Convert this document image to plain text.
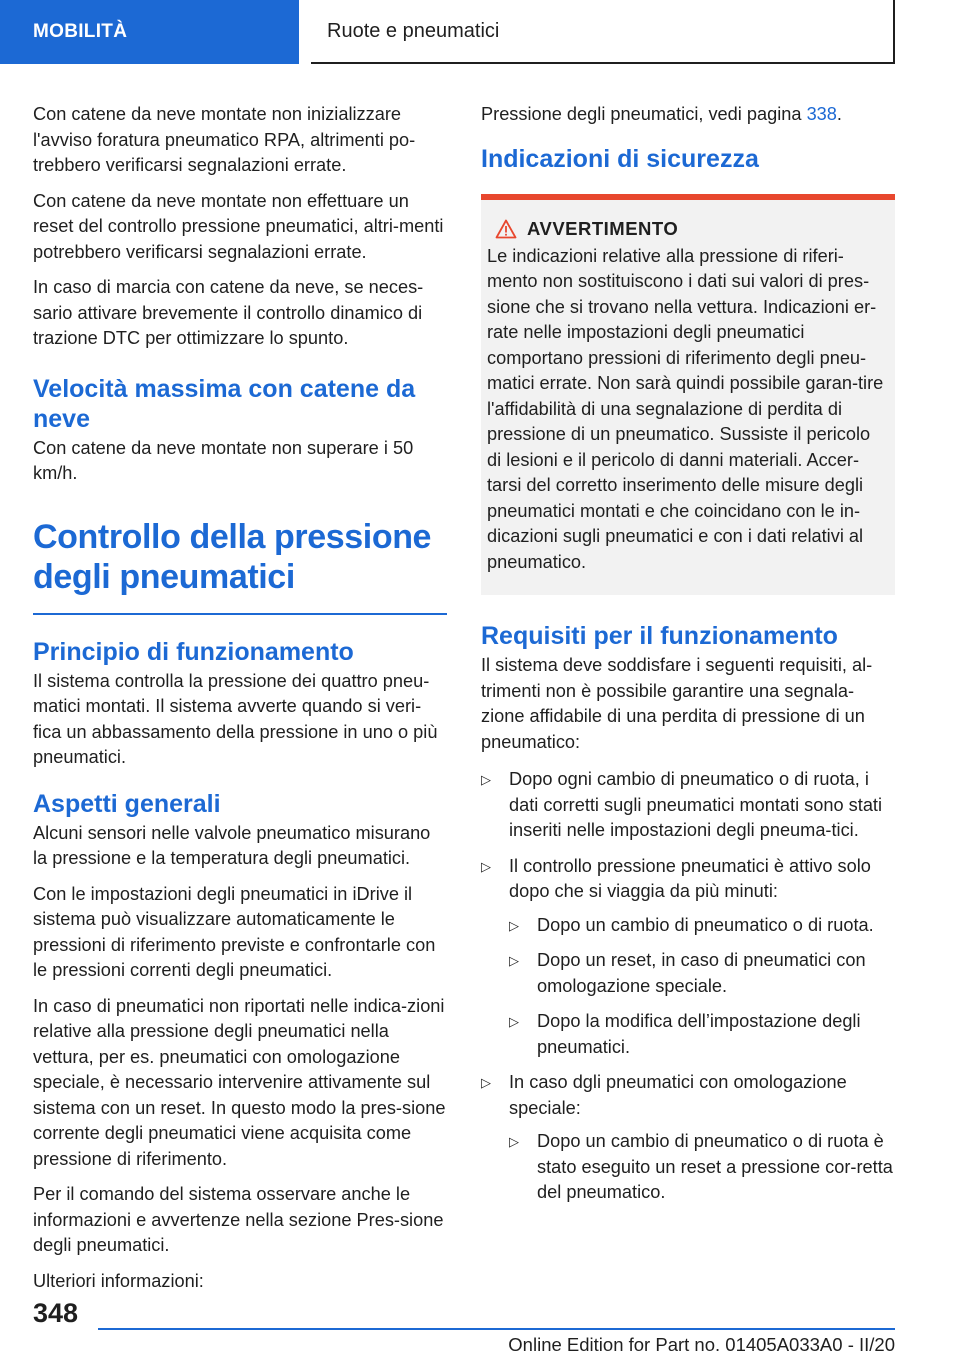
MOBILITÀ	Ruote e pneumatici

Con catene da neve montate non inizializzare l'avviso foratura pneumatico RPA, altrimenti po-trebbero verificarsi segnalazioni errate.

Con catene da neve montate non effettuare un reset del controllo pressione pneumatici, altri-menti potrebbero verificarsi segnalazioni errate.

In caso di marcia con catene da neve, se neces-sario attivare brevemente il controllo dinamico di trazione DTC per ottimizzare lo spunto.

Velocità massima con catene da neve

Con catene da neve montate non superare i 50 km/h.

Controllo della pressione degli pneumatici
Principio di funzionamento

Il sistema controlla la pressione dei quattro pneu-matici montati. Il sistema avverte quando si veri-fica un abbassamento della pressione in uno o più pneumatici.

Aspetti generali

Alcuni sensori nelle valvole pneumatico misurano la pressione e la temperatura degli pneumatici.

Con le impostazioni degli pneumatici in iDrive il sistema può visualizzare automaticamente le pressioni di riferimento previste e confrontarle con le pressioni correnti degli pneumatici.

In caso di pneumatici non riportati nelle indica-zioni relative alla pressione degli pneumatici nella vettura, per es. pneumatici con omologazione speciale, è necessario intervenire attivamente sul sistema con un reset. In questo modo la pres-sione corrente degli pneumatici viene acquisita come pressione di riferimento.

Per il comando del sistema osservare anche le informazioni e avvertenze nella sezione Pres-sione degli pneumatici.

Ulteriori informazioni:

Pressione degli pneumatici, vedi pagina 338.

Indicazioni di sicurezza
AVVERTIMENTO

Le indicazioni relative alla pressione di riferi-mento non sostituiscono i dati sui valori di pres-sione che si trovano nella vettura. Indicazioni er-rate nelle impostazioni degli pneumatici comportano pressioni di riferimento degli pneu-matici errate. Non sarà quindi possibile garan-tire l'affidabilità di una segnalazione di perdita di pressione di un pneumatico. Sussiste il pericolo di lesioni e il pericolo di danni materiali. Accer-tarsi del corretto inserimento delle misure degli pneumatici montati e che coincidano con le in-dicazioni sugli pneumatici e con i dati relativi al pneumatico.

Requisiti per il funzionamento

Il sistema deve soddisfare i seguenti requisiti, al-trimenti non è possibile garantire una segnala-zione affidabile di una perdita di pressione di un pneumatico:

▷ Dopo ogni cambio di pneumatico o di ruota, i dati corretti sugli pneumatici montati sono stati inseriti nelle impostazioni degli pneuma-tici.
▷ Il controllo pressione pneumatici è attivo solo dopo che si viaggia da più minuti:
▷ Dopo un cambio di pneumatico o di ruota.
▷ Dopo un reset, in caso di pneumatici con omologazione speciale.
▷ Dopo la modifica dell’impostazione degli pneumatici.
▷ In caso dgli pneumatici con omologazione speciale:
▷ Dopo un cambio di pneumatico o di ruota è stato eseguito un reset a pressione cor-retta del pneumatico.
348
Online Edition for Part no. 01405A033A0 - II/20
